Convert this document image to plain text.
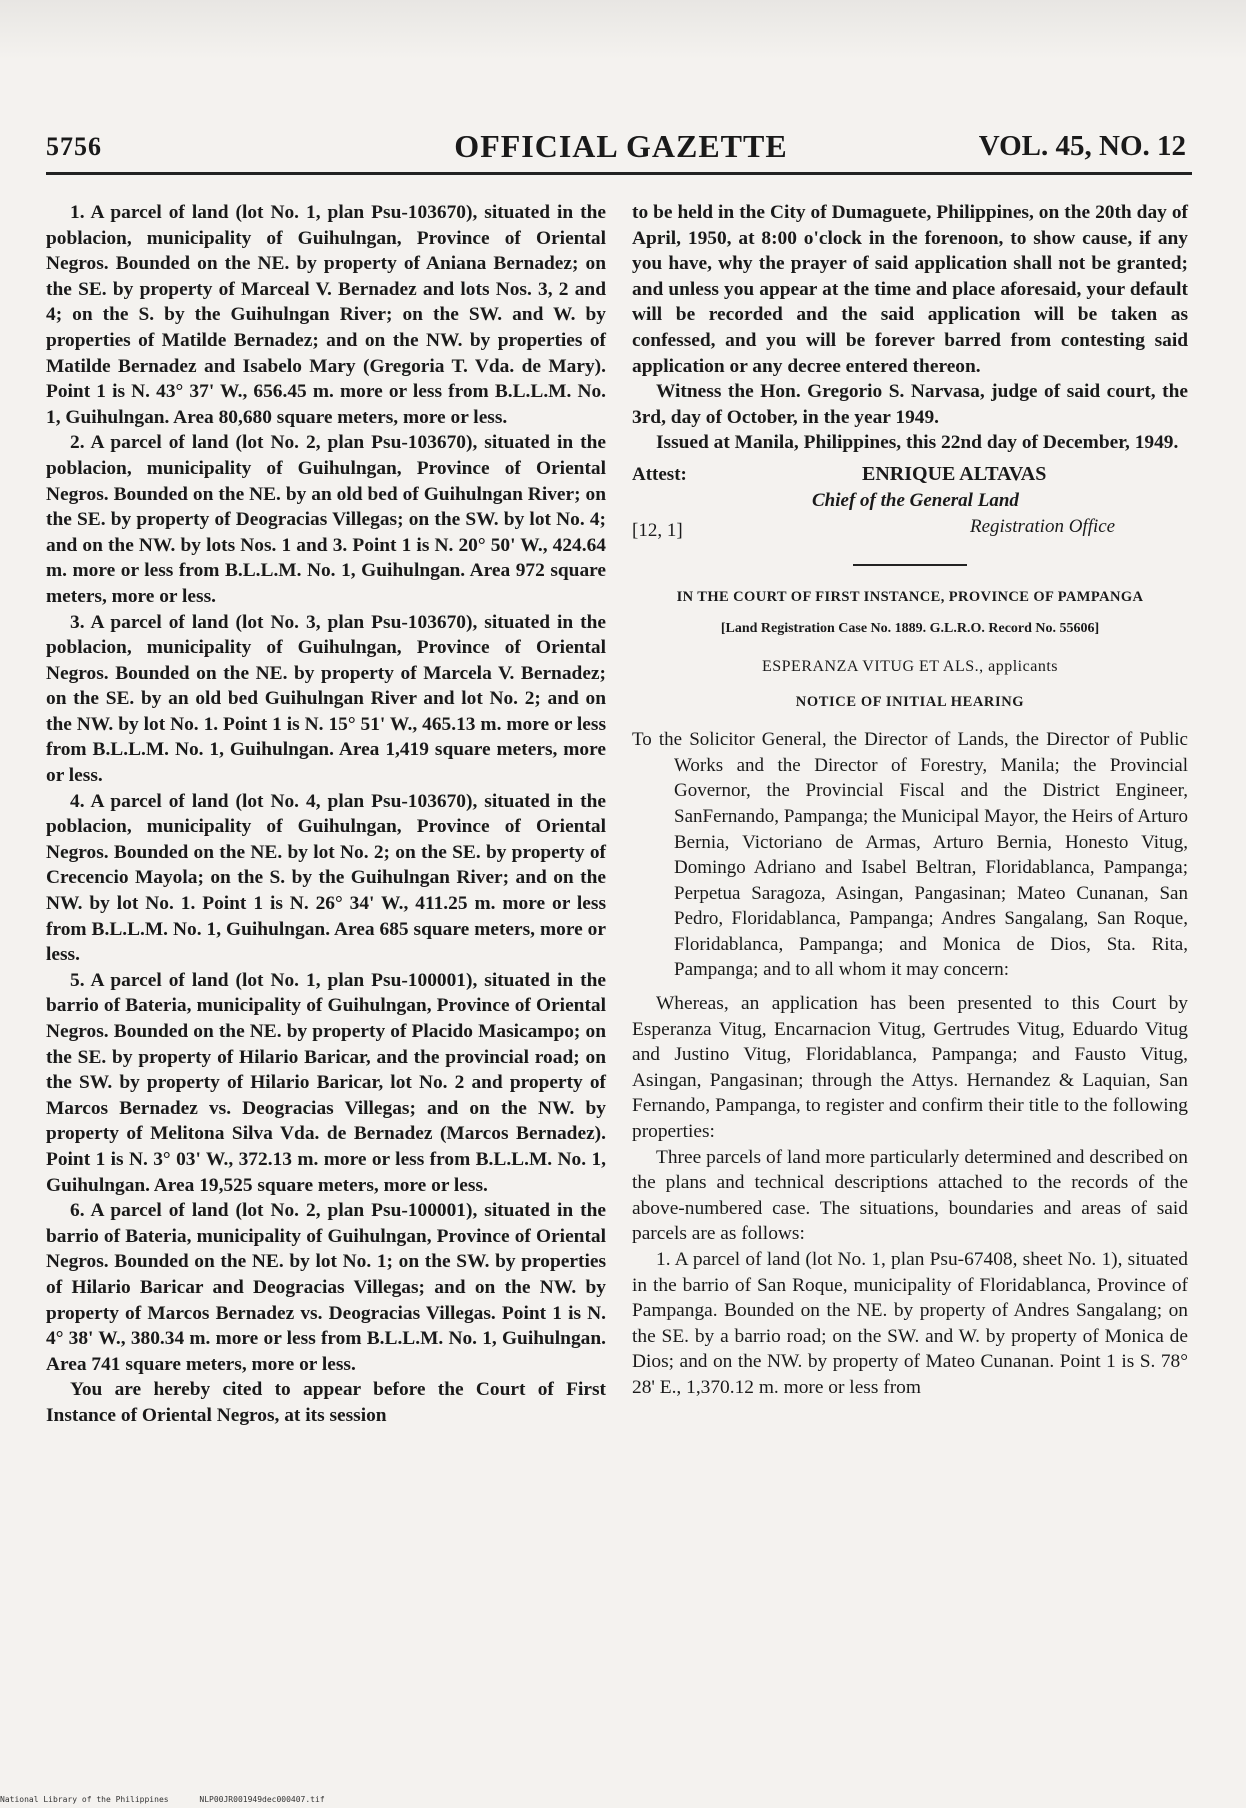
5756	OFFICIAL GAZETTE	VOL. 45, NO. 12

1. A parcel of land (lot No. 1, plan Psu-103670), situated in the poblacion, municipality of Guihulngan, Province of Oriental Negros. Bounded on the NE. by property of Aniana Bernadez; on the SE. by property of Marceal V. Bernadez and lots Nos. 3, 2 and 4; on the S. by the Guihulngan River; on the SW. and W. by properties of Matilde Bernadez; and on the NW. by properties of Matilde Bernadez and Isabelo Mary (Gregoria T. Vda. de Mary). Point 1 is N. 43° 37' W., 656.45 m. more or less from B.L.L.M. No. 1, Guihulngan. Area 80,680 square meters, more or less.

2. A parcel of land (lot No. 2, plan Psu-103670), situated in the poblacion, municipality of Guihulngan, Province of Oriental Negros. Bounded on the NE. by an old bed of Guihulngan River; on the SE. by property of Deogracias Villegas; on the SW. by lot No. 4; and on the NW. by lots Nos. 1 and 3. Point 1 is N. 20° 50' W., 424.64 m. more or less from B.L.L.M. No. 1, Guihulngan. Area 972 square meters, more or less.

3. A parcel of land (lot No. 3, plan Psu-103670), situated in the poblacion, municipality of Guihulngan, Province of Oriental Negros. Bounded on the NE. by property of Marcela V. Bernadez; on the SE. by an old bed Guihulngan River and lot No. 2; and on the NW. by lot No. 1. Point 1 is N. 15° 51' W., 465.13 m. more or less from B.L.L.M. No. 1, Guihulngan. Area 1,419 square meters, more or less.

4. A parcel of land (lot No. 4, plan Psu-103670), situated in the poblacion, municipality of Guihulngan, Province of Oriental Negros. Bounded on the NE. by lot No. 2; on the SE. by property of Crecencio Mayola; on the S. by the Guihulngan River; and on the NW. by lot No. 1. Point 1 is N. 26° 34' W., 411.25 m. more or less from B.L.L.M. No. 1, Guihulngan. Area 685 square meters, more or less.

5. A parcel of land (lot No. 1, plan Psu-100001), situated in the barrio of Bateria, municipality of Guihulngan, Province of Oriental Negros. Bounded on the NE. by property of Placido Masicampo; on the SE. by property of Hilario Baricar, and the provincial road; on the SW. by property of Hilario Baricar, lot No. 2 and property of Marcos Bernadez vs. Deogracias Villegas; and on the NW. by property of Melitona Silva Vda. de Bernadez (Marcos Bernadez). Point 1 is N. 3° 03' W., 372.13 m. more or less from B.L.L.M. No. 1, Guihulngan. Area 19,525 square meters, more or less.

6. A parcel of land (lot No. 2, plan Psu-100001), situated in the barrio of Bateria, municipality of Guihulngan, Province of Oriental Negros. Bounded on the NE. by lot No. 1; on the SW. by properties of Hilario Baricar and Deogracias Villegas; and on the NW. by property of Marcos Bernadez vs. Deogracias Villegas. Point 1 is N. 4° 38' W., 380.34 m. more or less from B.L.L.M. No. 1, Guihulngan. Area 741 square meters, more or less.

You are hereby cited to appear before the Court of First Instance of Oriental Negros, at its session

to be held in the City of Dumaguete, Philippines, on the 20th day of April, 1950, at 8:00 o'clock in the forenoon, to show cause, if any you have, why the prayer of said application shall not be granted; and unless you appear at the time and place aforesaid, your default will be recorded and the said application will be taken as confessed, and you will be forever barred from contesting said application or any decree entered thereon.

Witness the Hon. Gregorio S. Narvasa, judge of said court, the 3rd, day of October, in the year 1949.

Issued at Manila, Philippines, this 22nd day of December, 1949.

Attest:	ENRIQUE ALTAVAS
Chief of the General Land
Registration Office
[12, 1]
IN THE COURT OF FIRST INSTANCE, PROVINCE OF PAMPANGA
[Land Registration Case No. 1889. G.L.R.O. Record No. 55606]
ESPERANZA VITUG ET ALS., applicants
NOTICE OF INITIAL HEARING
To the Solicitor General, the Director of Lands, the Director of Public Works and the Director of Forestry, Manila; the Provincial Governor, the Provincial Fiscal and the District Engineer, SanFernando, Pampanga; the Municipal Mayor, the Heirs of Arturo Bernia, Victoriano de Armas, Arturo Bernia, Honesto Vitug, Domingo Adriano and Isabel Beltran, Floridablanca, Pampanga; Perpetua Saragoza, Asingan, Pangasinan; Mateo Cunanan, San Pedro, Floridablanca, Pampanga; Andres Sangalang, San Roque, Floridablanca, Pampanga; and Monica de Dios, Sta. Rita, Pampanga; and to all whom it may concern:

Whereas, an application has been presented to this Court by Esperanza Vitug, Encarnacion Vitug, Gertrudes Vitug, Eduardo Vitug and Justino Vitug, Floridablanca, Pampanga; and Fausto Vitug, Asingan, Pangasinan; through the Attys. Hernandez & Laquian, San Fernando, Pampanga, to register and confirm their title to the following properties:

Three parcels of land more particularly determined and described on the plans and technical descriptions attached to the records of the above-numbered case. The situations, boundaries and areas of said parcels are as follows:

1. A parcel of land (lot No. 1, plan Psu-67408, sheet No. 1), situated in the barrio of San Roque, municipality of Floridablanca, Province of Pampanga. Bounded on the NE. by property of Andres Sangalang; on the SE. by a barrio road; on the SW. and W. by property of Monica de Dios; and on the NW. by property of Mateo Cunanan. Point 1 is S. 78° 28' E., 1,370.12 m. more or less from

National Library of the Philippines	NLP00JR001949dec000407.tif
